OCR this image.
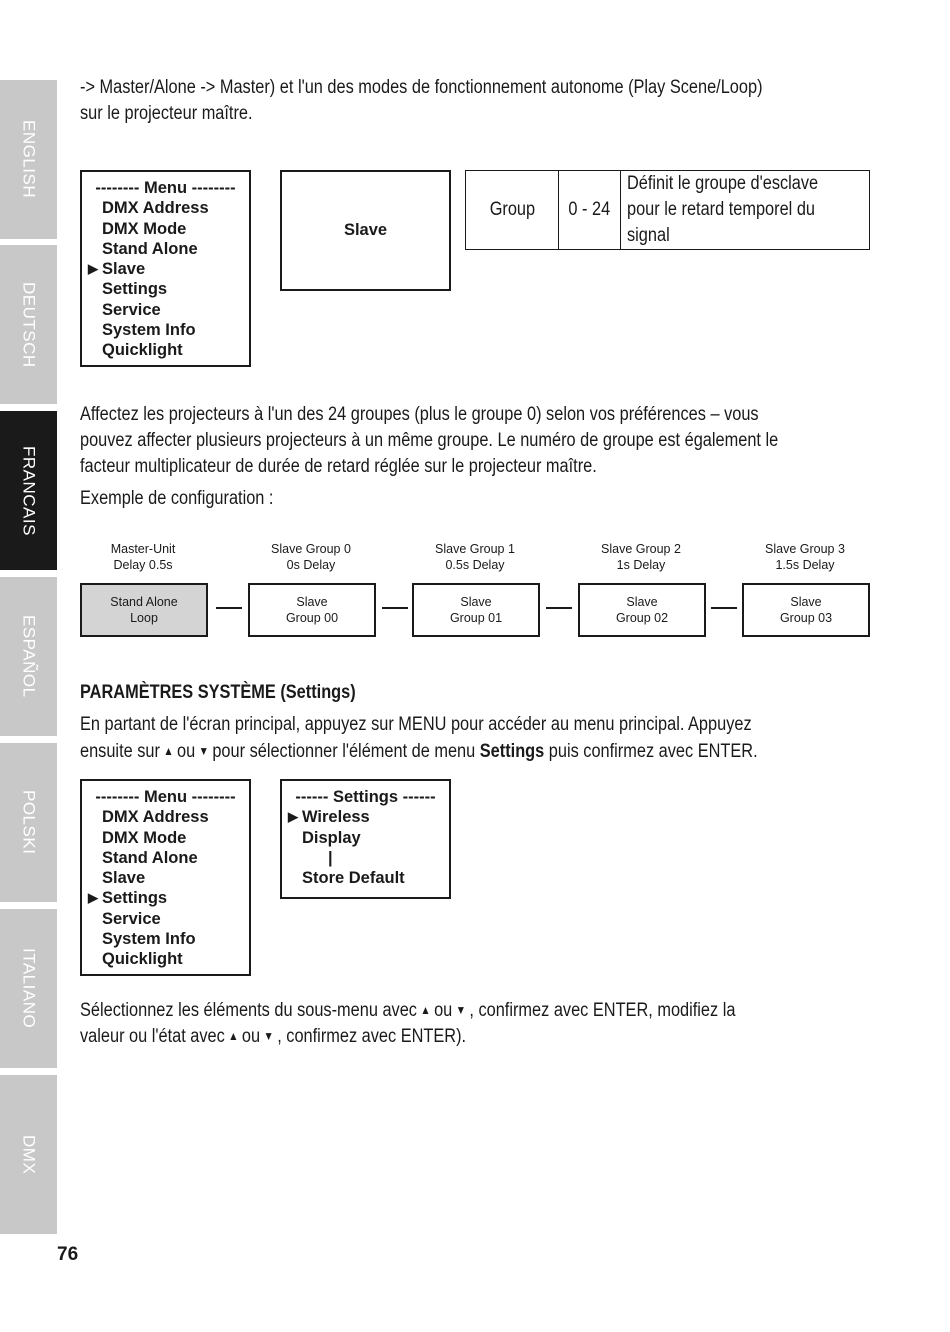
ENGLISH
DEUTSCH
FRANCAIS
ESPAÑOL
POLSKI
ITALIANO
DMX
-> Master/Alone -> Master) et l'un des modes de fonctionnement autonome (Play Scene/Loop)
sur le projecteur maître.
-------- Menu --------
DMX Address
DMX Mode
Stand Alone
▶ Slave
Settings
Service
System Info
Quicklight
Slave
Group 0 - 24
Définit le groupe d'esclave
pour le retard temporel du
signal
Affectez les projecteurs à l'un des 24 groupes (plus le groupe 0) selon vos préférences – vous
pouvez affecter plusieurs projecteurs à un même groupe. Le numéro de groupe est également le
facteur multiplicateur de durée de retard réglée sur le projecteur maître.
Exemple de configuration :
Master-Unit
Delay 0.5s
Slave Group 0
0s Delay
Slave Group 1
0.5s Delay
Slave Group 2
1s Delay
Slave Group 3
1.5s Delay
Stand Alone
Loop
Slave
Group 00
Slave
Group 01
Slave
Group 02
Slave
Group 03
PARAMÈTRES SYSTÈME (Settings)
En partant de l'écran principal, appuyez sur MENU pour accéder au menu principal. Appuyez
ensuite sur ▲ ou ▼ pour sélectionner l'élément de menu Settings puis confirmez avec ENTER.
-------- Menu --------
DMX Address
DMX Mode
Stand Alone
Slave
▶ Settings
Service
System Info
Quicklight
------ Settings ------
▶ Wireless
Display
|
Store Default
Sélectionnez les éléments du sous-menu avec ▲ ou ▼ , confirmez avec ENTER, modifiez la
valeur ou l'état avec ▲ ou ▼ , confirmez avec ENTER).
76
